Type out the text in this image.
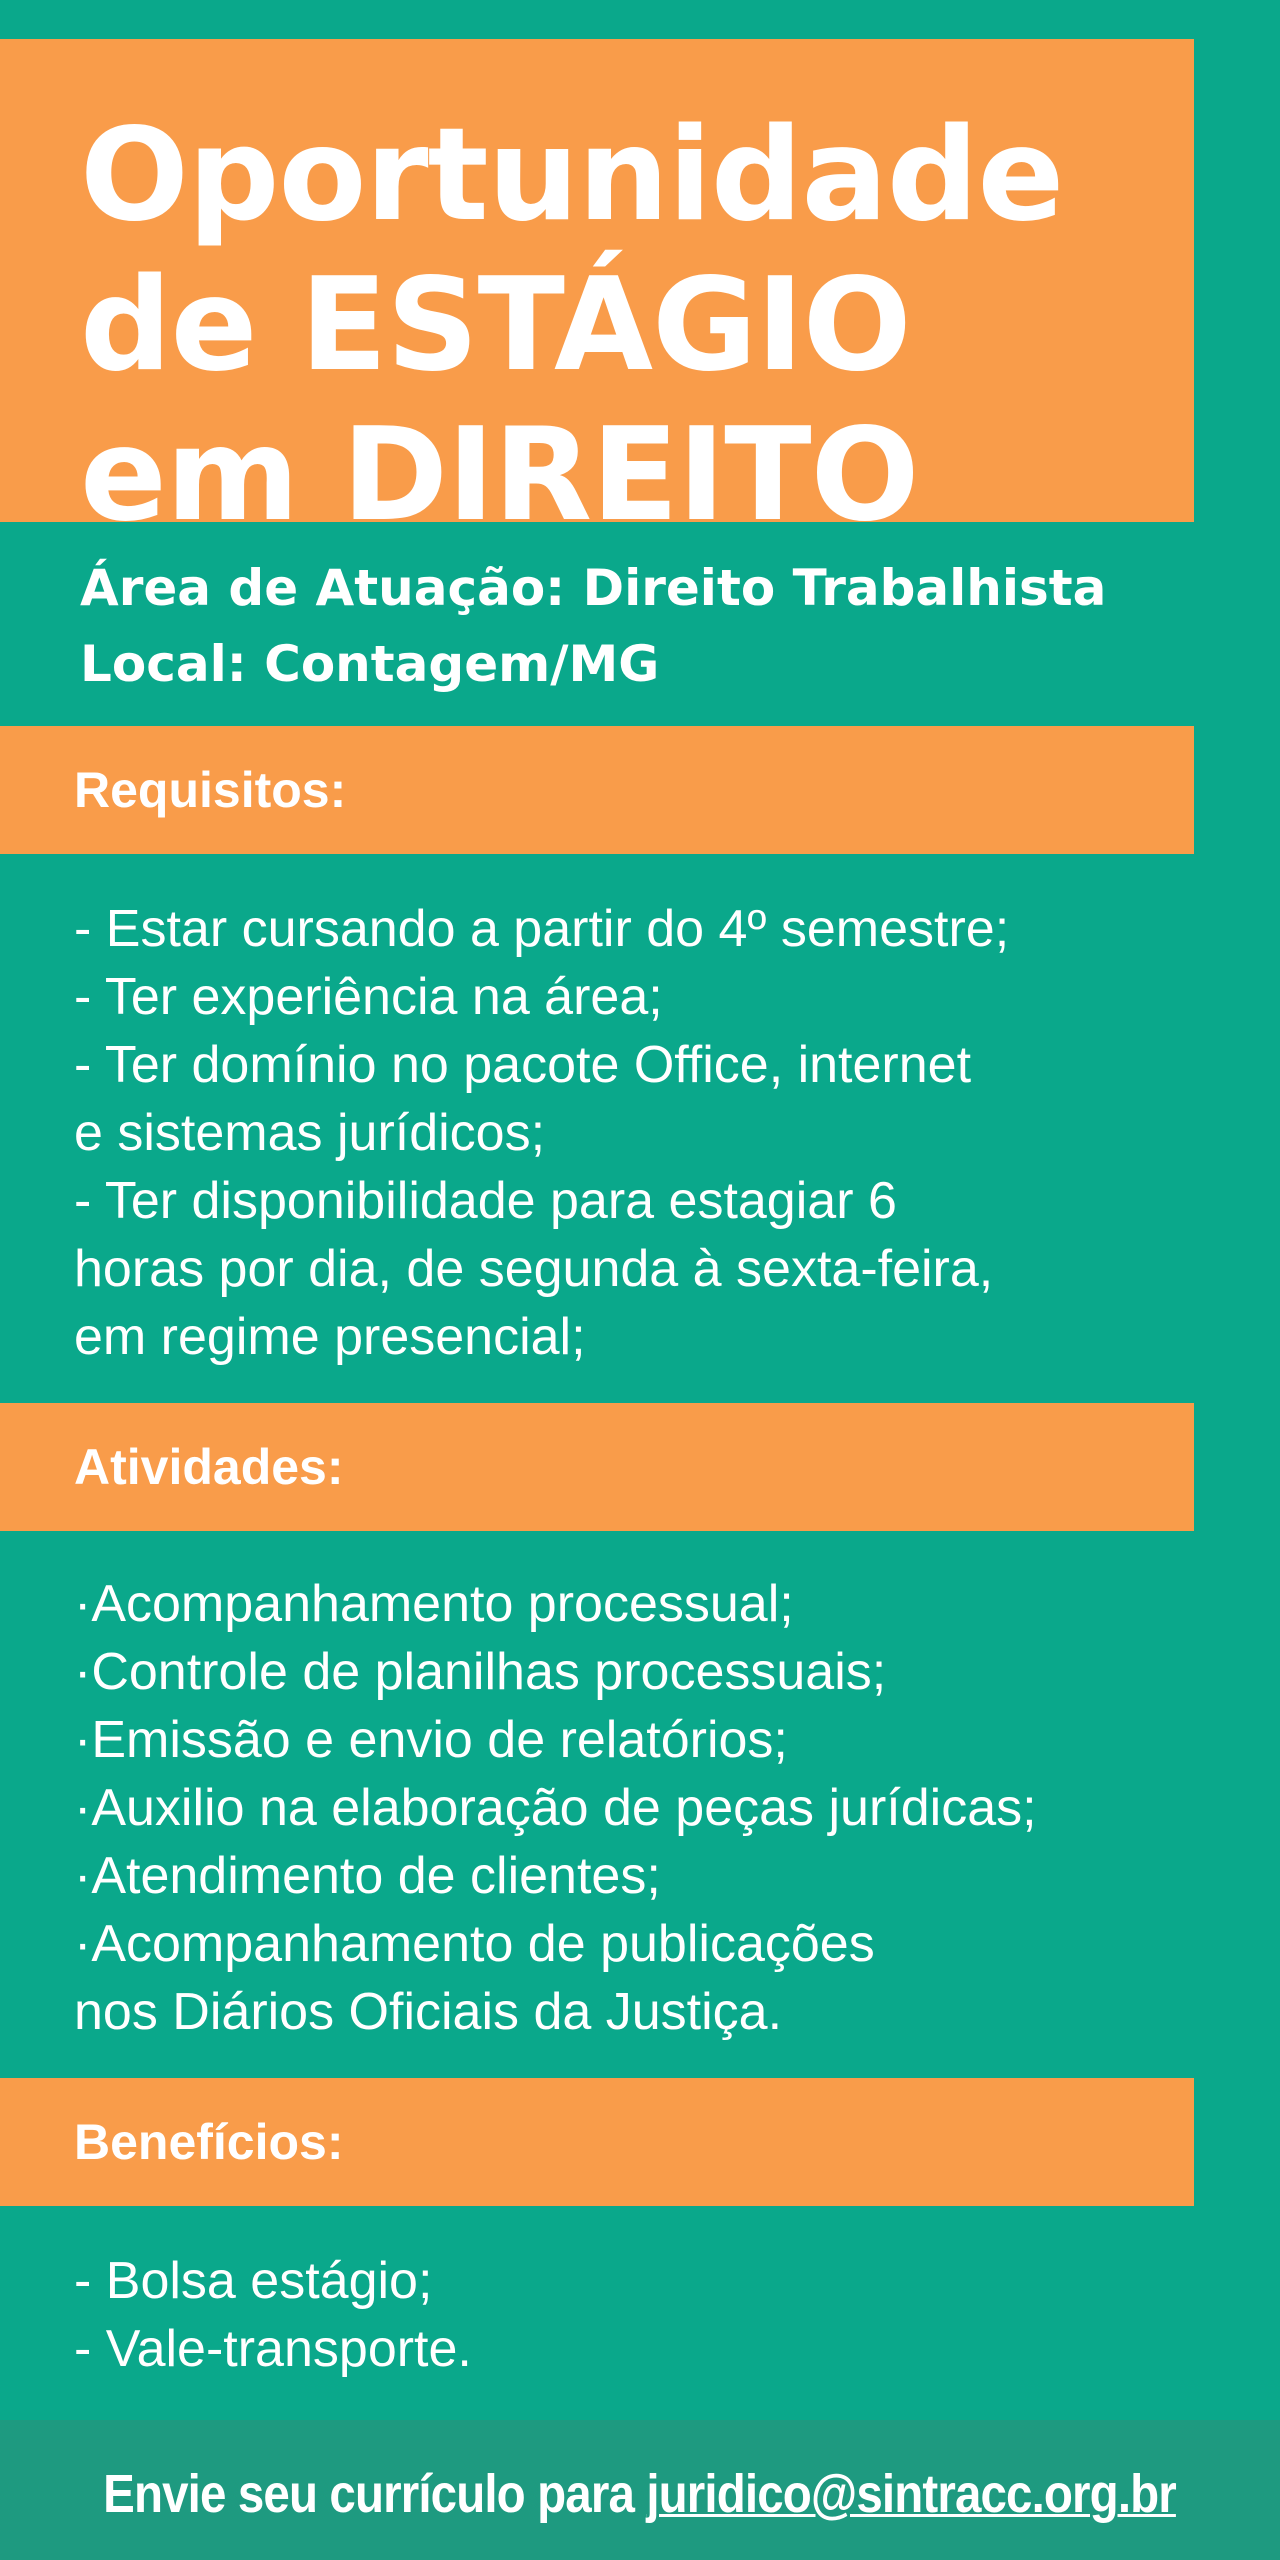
Oportunidade
de ESTÁGIO
em DIREITO
Área de Atuação: Direito Trabalhista
Local: Contagem/MG
Requisitos:
- Estar cursando a partir do 4º semestre;
- Ter experiência na área;
- Ter domínio no pacote Office, internet
e sistemas jurídicos;
- Ter disponibilidade para estagiar 6
horas por dia, de segunda à sexta-feira,
em regime presencial;
Atividades:
·Acompanhamento processual;
·Controle de planilhas processuais;
·Emissão e envio de relatórios;
·Auxilio na elaboração de peças jurídicas;
·Atendimento de clientes;
·Acompanhamento de publicações
nos Diários Oficiais da Justiça.
Benefícios:
- Bolsa estágio;
- Vale-transporte.
Envie seu currículo para juridico@sintracc.org.br
